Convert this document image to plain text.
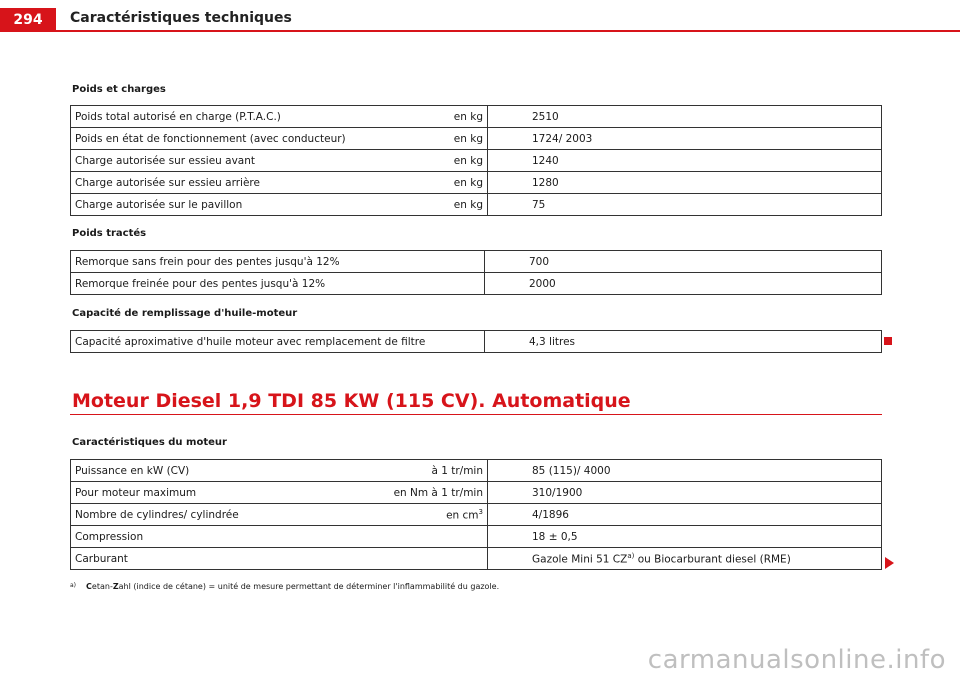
294	Caractéristiques techniques
Poids et charges
Poids total autorisé en charge (P.T.A.C.)	en kg	2510
Poids en état de fonctionnement (avec conducteur)	en kg	1724/ 2003
Charge autorisée sur essieu avant	en kg	1240
Charge autorisée sur essieu arrière	en kg	1280
Charge autorisée sur le pavillon	en kg	75
Poids tractés
Remorque sans frein pour des pentes jusqu'à 12%	700
Remorque freinée pour des pentes jusqu'à 12%	2000
Capacité de remplissage d'huile-moteur
Capacité aproximative d'huile moteur avec remplacement de filtre	4,3 litres
Moteur Diesel 1,9 TDI 85 KW (115 CV). Automatique
Caractéristiques du moteur
Puissance en kW (CV)	à 1 tr/min	85 (115)/ 4000
Pour moteur maximum	en Nm à 1 tr/min	310/1900
Nombre de cylindres/ cylindrée	en $cm^3$	4/1896
Compression		18 ± 0,5
Carburant		Gazole Mini 51 CZ$^{a)}$ ou Biocarburant diesel (RME)
$^{a)}$ Cetan-Zahl (indice de cétane) = unité de mesure permettant de déterminer l'inflammabilité du gazole.
carmanualsonline.info
